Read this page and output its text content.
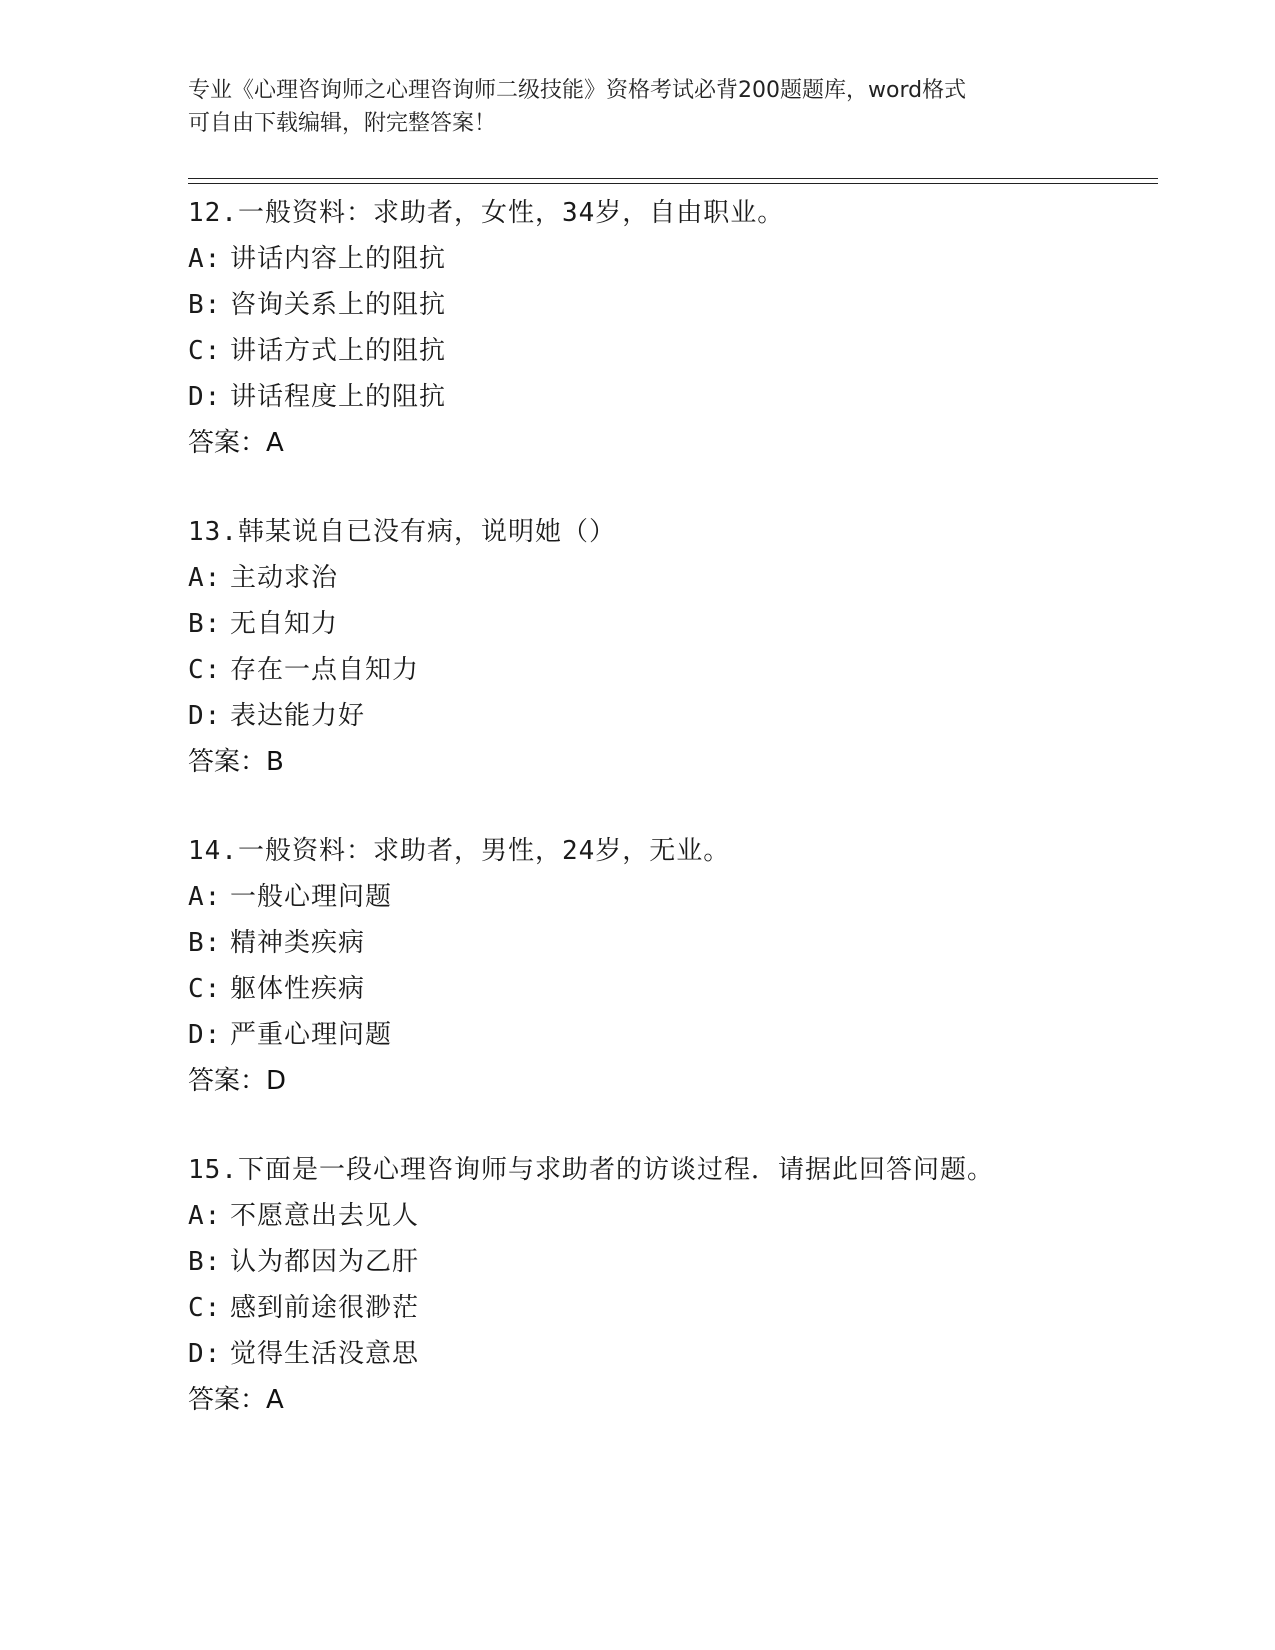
专业《心理咨询师之心理咨询师二级技能》资格考试必背200题题库，word格式
可自由下载编辑，附完整答案！
12.一般资料：求助者，女性，34岁，自由职业。
A: 讲话内容上的阻抗
B: 咨询关系上的阻抗
C: 讲话方式上的阻抗
D: 讲话程度上的阻抗
答案：A
13.韩某说自已没有病，说明她（）
A: 主动求治
B: 无自知力
C: 存在一点自知力
D: 表达能力好
答案：B
14.一般资料：求助者，男性，24岁，无业。
A: 一般心理问题
B: 精神类疾病
C: 躯体性疾病
D: 严重心理问题
答案：D
15.下面是一段心理咨询师与求助者的访谈过程．请据此回答问题。
A: 不愿意出去见人
B: 认为都因为乙肝
C: 感到前途很渺茫
D: 觉得生活没意思
答案：A
